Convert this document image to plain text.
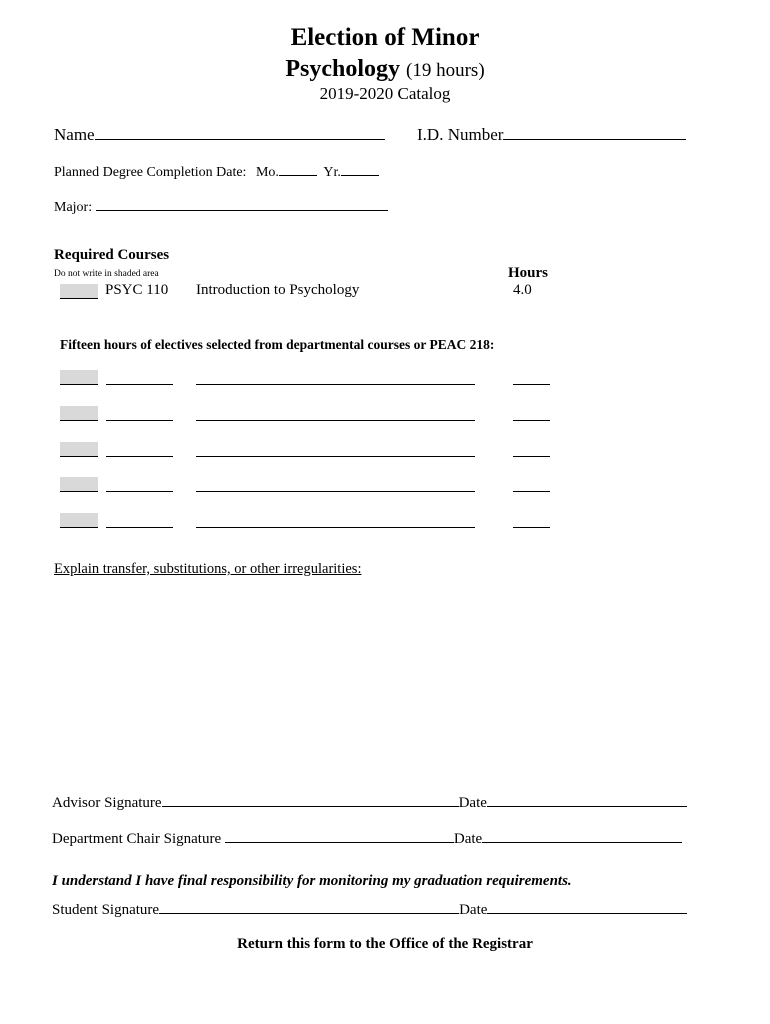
Election of Minor
Psychology (19 hours)
2019-2020 Catalog
Name	I.D. Number
Planned Degree Completion Date: Mo.	Yr.
Major:
Required Courses
Do not write in shaded area	Hours
PSYC 110 Introduction to Psychology	4.0
Fifteen hours of electives selected from departmental courses or PEAC 218:
Explain transfer, substitutions, or other irregularities:
Advisor Signature	Date
Department Chair Signature	Date
I understand I have final responsibility for monitoring my graduation requirements.
Student Signature	Date
Return this form to the Office of the Registrar
